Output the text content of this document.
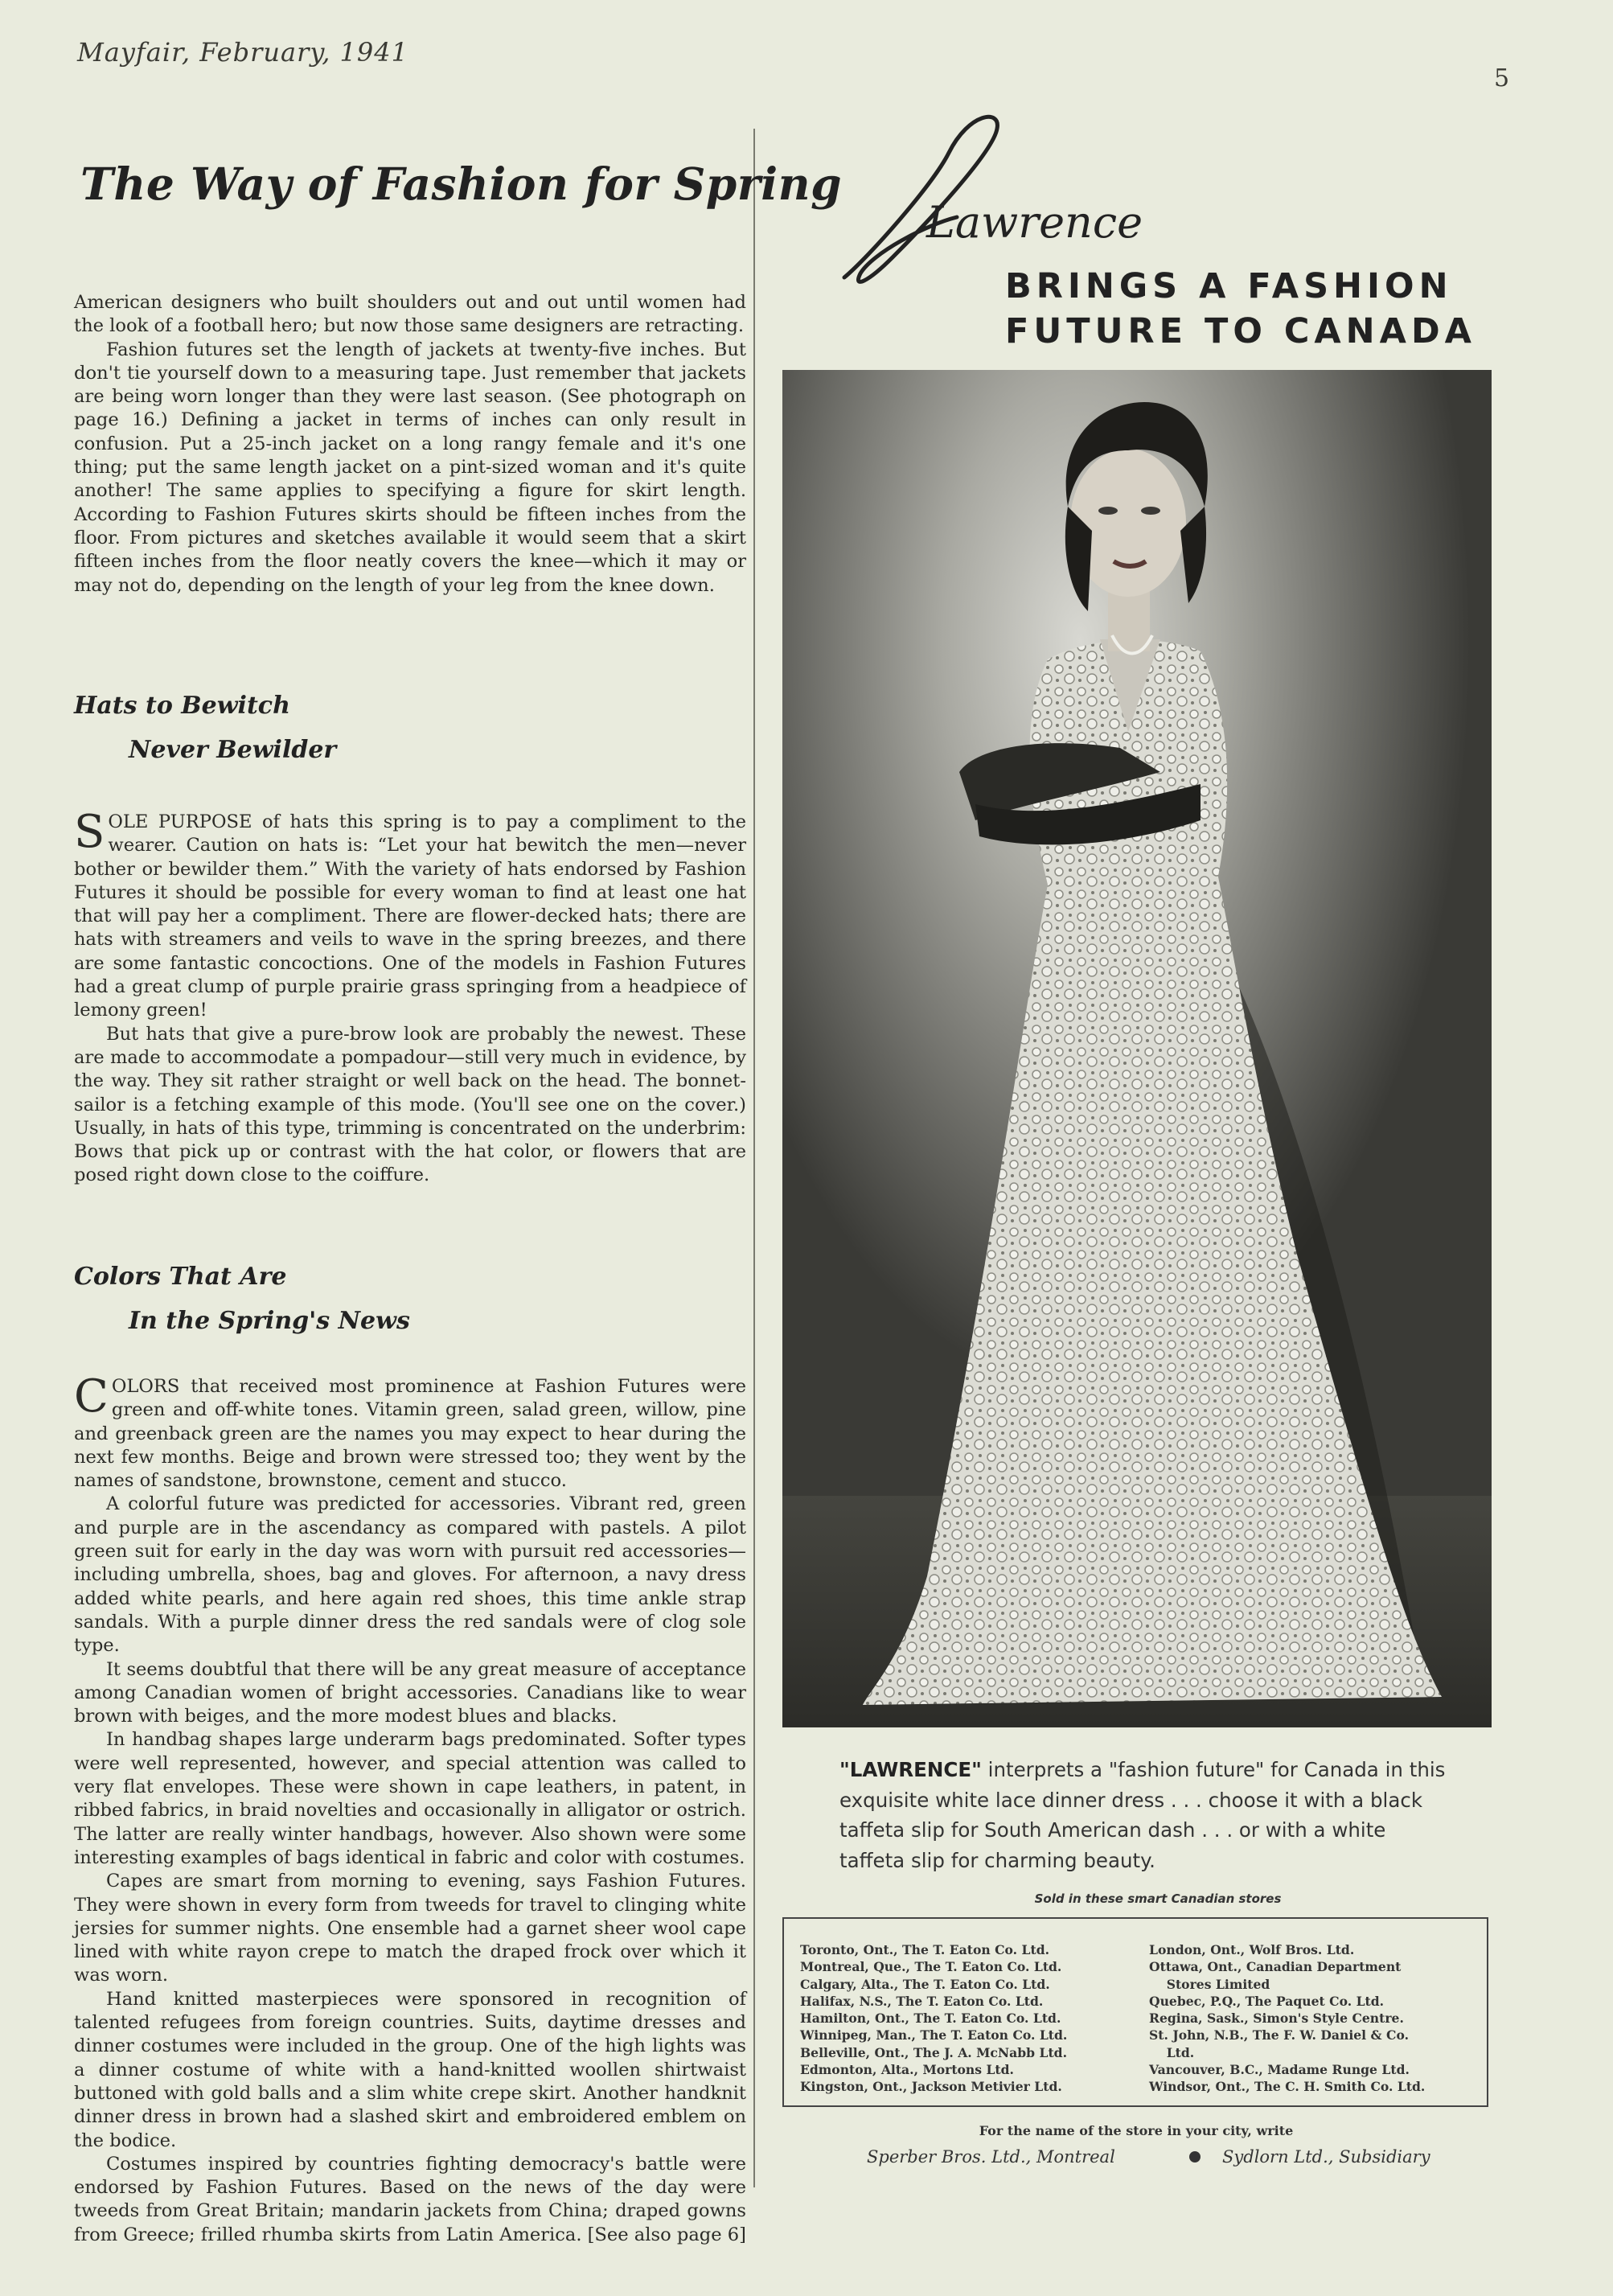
Mayfair, February, 1941
5
The Way of Fashion for Spring

American designers who built shoulders out and out until women had the look of a football hero; but now those same designers are retracting.

Fashion futures set the length of jackets at twenty-five inches. But don't tie yourself down to a measuring tape. Just remember that jackets are being worn longer than they were last season. (See photograph on page 16.) Defining a jacket in terms of inches can only result in confusion. Put a 25-inch jacket on a long rangy female and it's one thing; put the same length jacket on a pint-sized woman and it's quite another! The same applies to specifying a figure for skirt length. According to Fashion Futures skirts should be fifteen inches from the floor. From pictures and sketches available it would seem that a skirt fifteen inches from the floor neatly covers the knee—which it may or may not do, depending on the length of your leg from the knee down.

Hats to Bewitch
Never Bewilder

SOLE PURPOSE of hats this spring is to pay a compliment to the wearer. Caution on hats is: “Let your hat bewitch the men—never bother or bewilder them.” With the variety of hats endorsed by Fashion Futures it should be possible for every woman to find at least one hat that will pay her a compliment. There are flower-decked hats; there are hats with streamers and veils to wave in the spring breezes, and there are some fantastic concoctions. One of the models in Fashion Futures had a great clump of purple prairie grass springing from a headpiece of lemony green!

But hats that give a pure-brow look are probably the newest. These are made to accommodate a pompadour—still very much in evidence, by the way. They sit rather straight or well back on the head. The bonnet-sailor is a fetching example of this mode. (You'll see one on the cover.) Usually, in hats of this type, trimming is concentrated on the underbrim: Bows that pick up or contrast with the hat color, or flowers that are posed right down close to the coiffure.

Colors That Are
In the Spring's News

COLORS that received most prominence at Fashion Futures were green and off-white tones. Vitamin green, salad green, willow, pine and greenback green are the names you may expect to hear during the next few months. Beige and brown were stressed too; they went by the names of sandstone, brownstone, cement and stucco.

A colorful future was predicted for accessories. Vibrant red, green and purple are in the ascendancy as compared with pastels. A pilot green suit for early in the day was worn with pursuit red accessories—including umbrella, shoes, bag and gloves. For afternoon, a navy dress added white pearls, and here again red shoes, this time ankle strap sandals. With a purple dinner dress the red sandals were of clog sole type.

It seems doubtful that there will be any great measure of acceptance among Canadian women of bright accessories. Canadians like to wear brown with beiges, and the more modest blues and blacks.

In handbag shapes large underarm bags predominated. Softer types were well represented, however, and special attention was called to very flat envelopes. These were shown in cape leathers, in patent, in ribbed fabrics, in braid novelties and occasionally in alligator or ostrich. The latter are really winter handbags, however. Also shown were some interesting examples of bags identical in fabric and color with costumes.

Capes are smart from morning to evening, says Fashion Futures. They were shown in every form from tweeds for travel to clinging white jersies for summer nights. One ensemble had a garnet sheer wool cape lined with white rayon crepe to match the draped frock over which it was worn.

Hand knitted masterpieces were sponsored in recognition of talented refugees from foreign countries. Suits, daytime dresses and dinner costumes were included in the group. One of the high lights was a dinner costume of white with a hand-knitted woollen shirtwaist buttoned with gold balls and a slim white crepe skirt. Another handknit dinner dress in brown had a slashed skirt and embroidered emblem on the bodice.

Costumes inspired by countries fighting democracy's battle were endorsed by Fashion Futures. Based on the news of the day were tweeds from Great Britain; mandarin jackets from China; draped gowns from Greece; frilled rhumba skirts from Latin America. [See also page 6]

Lawrence
BRINGS A FASHION
FUTURE TO CANADA
"LAWRENCE" interprets a "fashion future" for Canada in this exquisite white lace dinner dress . . . choose it with a black taffeta slip for South American dash . . . or with a white taffeta slip for charming beauty.
Sold in these smart Canadian stores
Toronto, Ont., The T. Eaton Co. Ltd.
Montreal, Que., The T. Eaton Co. Ltd.
Calgary, Alta., The T. Eaton Co. Ltd.
Halifax, N.S., The T. Eaton Co. Ltd.
Hamilton, Ont., The T. Eaton Co. Ltd.
Winnipeg, Man., The T. Eaton Co. Ltd.
Belleville, Ont., The J. A. McNabb Ltd.
Edmonton, Alta., Mortons Ltd.
Kingston, Ont., Jackson Metivier Ltd.
London, Ont., Wolf Bros. Ltd.
Ottawa, Ont., Canadian Department
Stores Limited
Quebec, P.Q., The Paquet Co. Ltd.
Regina, Sask., Simon's Style Centre.
St. John, N.B., The F. W. Daniel & Co.
Ltd.
Vancouver, B.C., Madame Runge Ltd.
Windsor, Ont., The C. H. Smith Co. Ltd.
For the name of the store in your city, write
Sperber Bros. Ltd., Montreal	Sydlorn Ltd., Subsidiary
